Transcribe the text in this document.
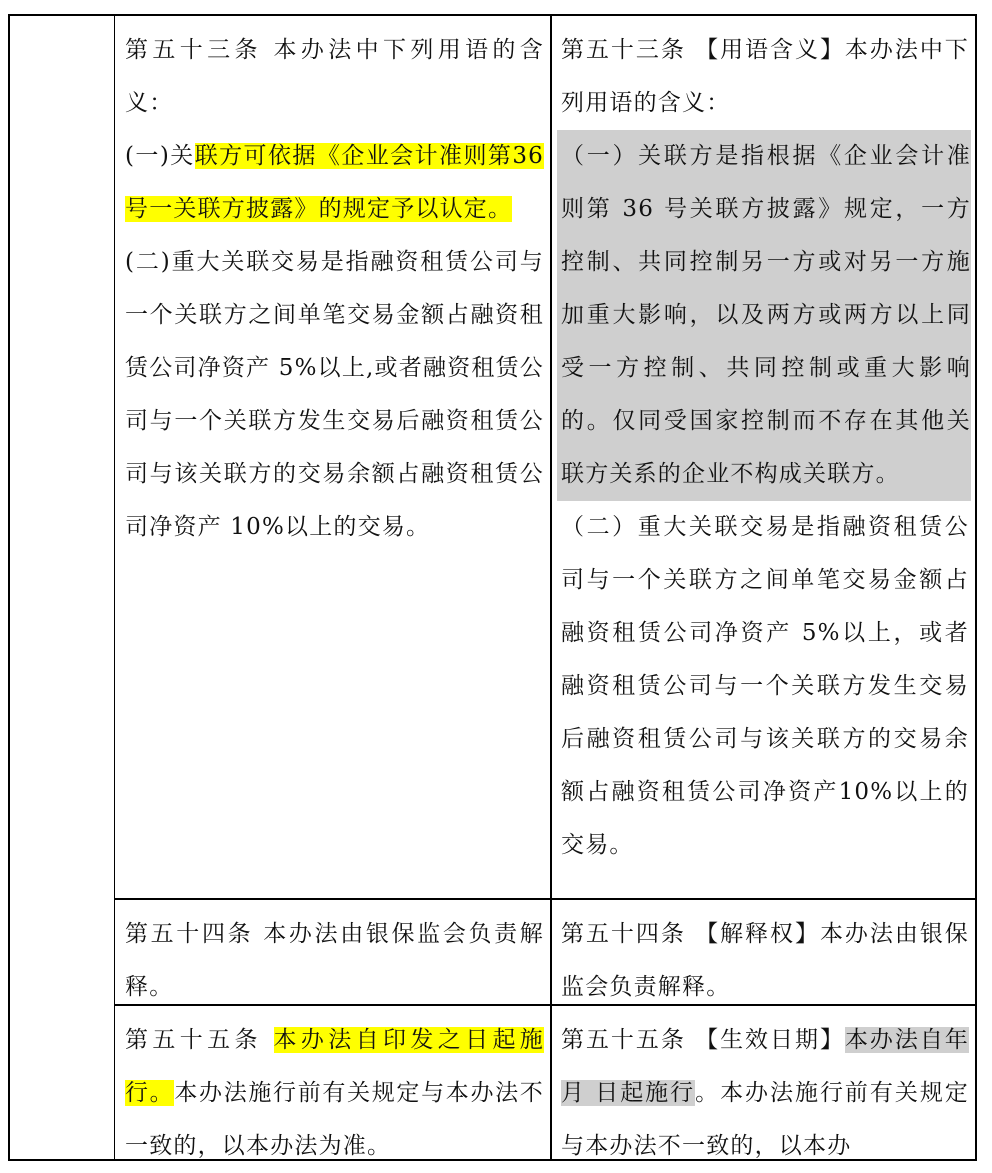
第五十三条 本办法中下列用语的含义：

(一)关联方可依据《企业会计准则第36 号一关联方披露》的规定予以认定。

(二)重大关联交易是指融资租赁公司与一个关联方之间单笔交易金额占融资租赁公司净资产 5%以上,或者融资租赁公司与一个关联方发生交易后融资租赁公司与该关联方的交易余额占融资租赁公司净资产 10%以上的交易。

第五十三条 【用语含义】本办法中下列用语的含义：

（一）关联方是指根据《企业会计准则第 36 号关联方披露》规定，一方控制、共同控制另一方或对另一方施加重大影响，以及两方或两方以上同受一方控制、共同控制或重大影响的。仅同受国家控制而不存在其他关联方关系的企业不构成关联方。

（二）重大关联交易是指融资租赁公司与一个关联方之间单笔交易金额占融资租赁公司净资产 5%以上，或者融资租赁公司与一个关联方发生交易后融资租赁公司与该关联方的交易余额占融资租赁公司净资产10%以上的交易。

第五十四条 本办法由银保监会负责解释。

第五十四条 【解释权】本办法由银保监会负责解释。

第五十五条 本办法自印发之日起施行。本办法施行前有关规定与本办法不一致的，以本办法为准。

第五十五条 【生效日期】本办法自年 月 日起施行。本办法施行前有关规定与本办法不一致的，以本办
